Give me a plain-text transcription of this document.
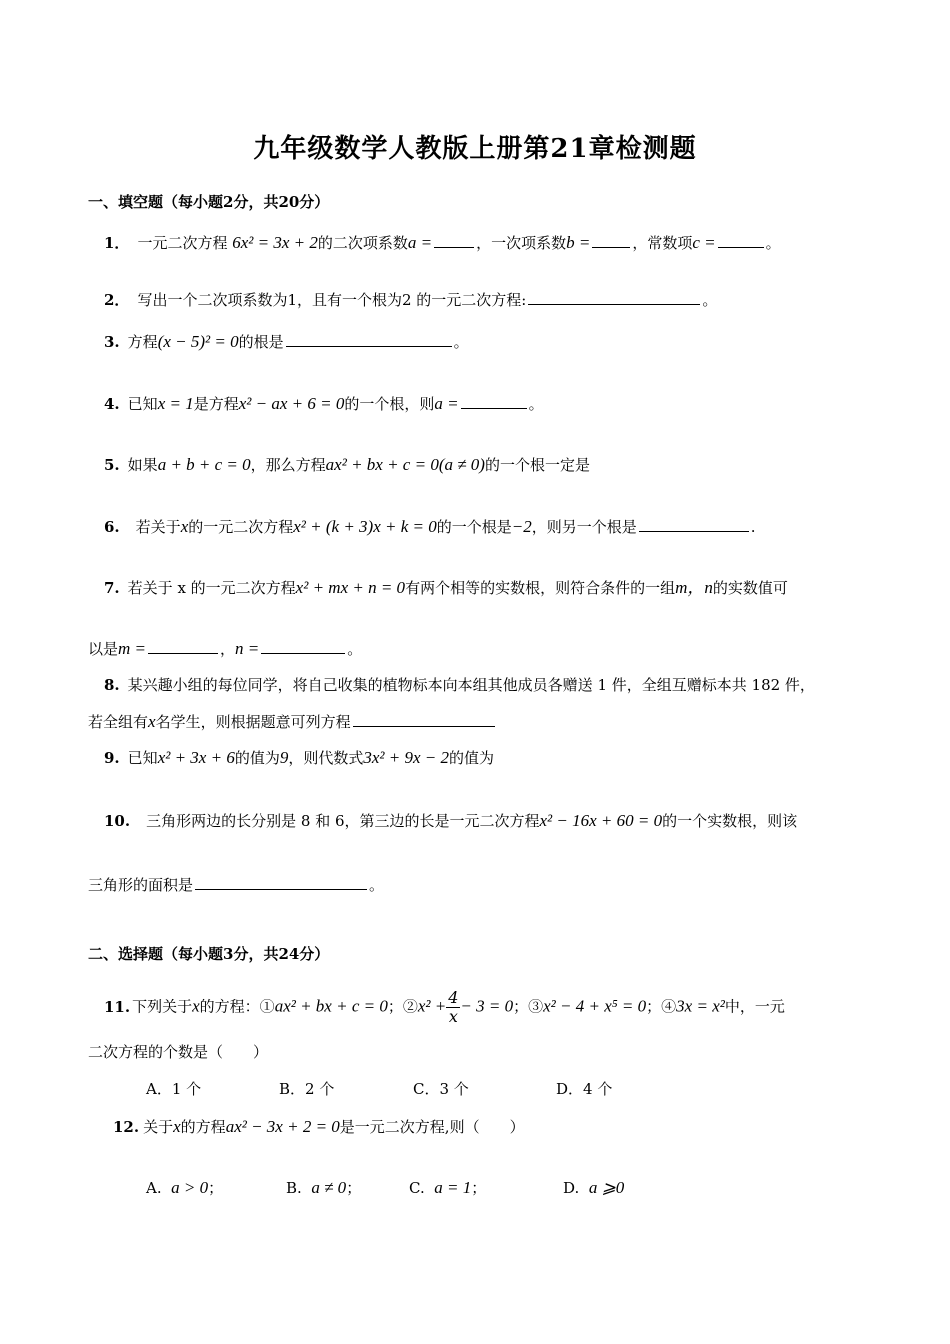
九年级数学人教版上册第21章检测题
一、填空题（每小题2分，共20分）
1． 一元二次方程 6x² = 3x + 2的二次项系数a =	，一次项系数b =	，常数项c =	。
2． 写出一个二次项系数为1，且有一个根为2 的一元二次方程:	。
3. 方程(x − 5)² = 0的根是	。
4. 已知x = 1是方程x² − ax + 6 = 0的一个根，则a =	。
5. 如果a + b + c = 0，那么方程ax² + bx + c = 0(a ≠ 0)的一个根一定是
6. 若关于x的一元二次方程x² + (k + 3)x + k = 0的一个根是−2，则另一个根是	.
7. 若关于 x 的一元二次方程x² + mx + n = 0有两个相等的实数根，则符合条件的一组m，n的实数值可
以是m =	，n =	。
8. 某兴趣小组的每位同学，将自己收集的植物标本向本组其他成员各赠送 1 件，全组互赠标本共 182 件，
若全组有x名学生，则根据题意可列方程
9. 已知x² + 3x + 6的值为9，则代数式3x² + 9x − 2的值为
10. 三角形两边的长分别是 8 和 6，第三边的长是一元二次方程x² − 16x + 60 = 0的一个实数根，则该
三角形的面积是	。
二、选择题（每小题3分，共24分）
11. 下列关于x的方程：①ax² + bx + c = 0；②x² + $\frac{4}{x} - 3 = 0$；③x² − 4 + x⁵ = 0；④3x = x²中，一元
二次方程的个数是（　　）
A．1 个	B．2 个	C．3 个	D．4 个
12. 关于x的方程ax² − 3x + 2 = 0是一元二次方程,则（　　）
A. a > 0；	B. a ≠ 0；	C. a = 1；	D. a ⩾0
